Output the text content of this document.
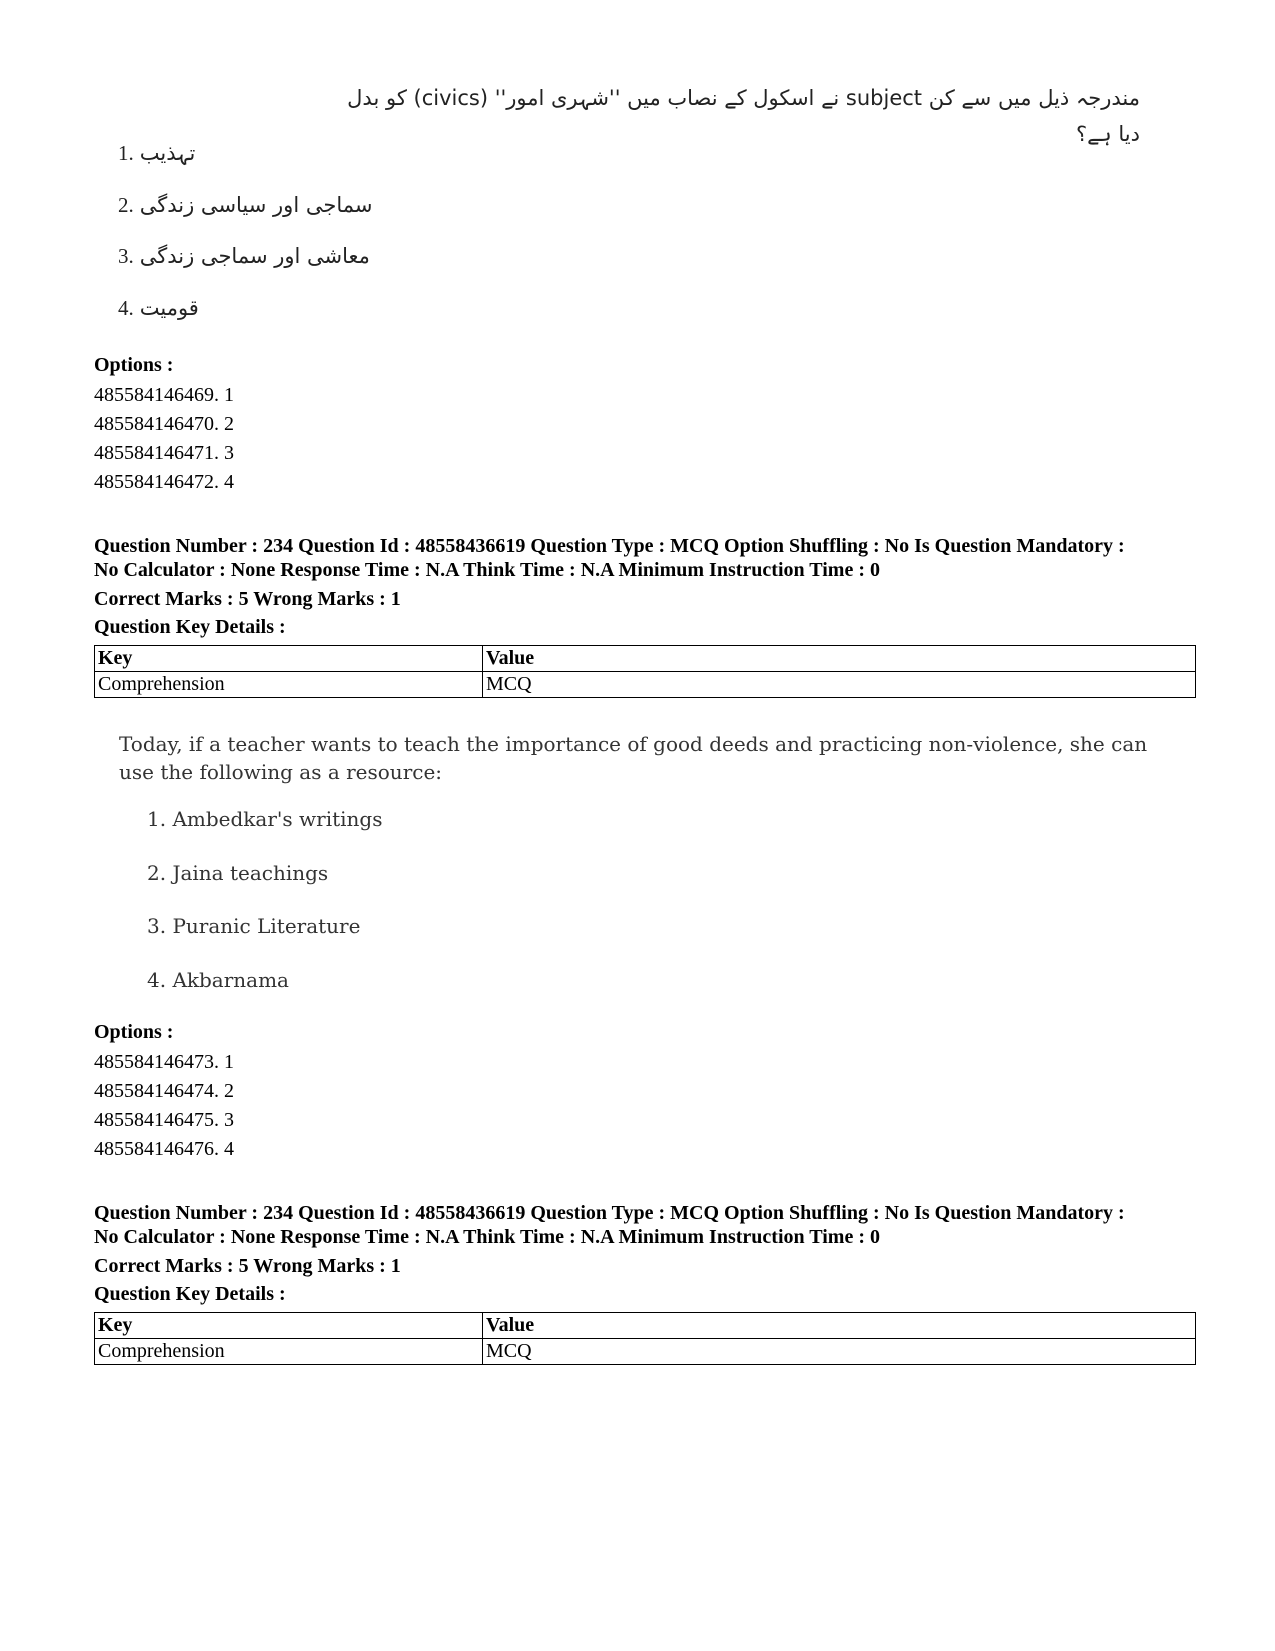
مندرجہ ذیل میں سے کن subject نے اسکول کے نصاب میں ''شہری امور'' (civics) کو بدل دیا ہے؟
1. تہذیب
2. سماجی اور سیاسی زندگی
3. معاشی اور سماجی زندگی
4. قومیت
Options :
485584146469. 1
485584146470. 2
485584146471. 3
485584146472. 4
Question Number : 234 Question Id : 48558436619 Question Type : MCQ Option Shuffling : No Is Question Mandatory :
No Calculator : None Response Time : N.A Think Time : N.A Minimum Instruction Time : 0
Correct Marks : 5 Wrong Marks : 1
Question Key Details :
Key	Value
Comprehension	MCQ
Today, if a teacher wants to teach the importance of good deeds and practicing non-violence, she can use the following as a resource:
1. Ambedkar's writings
2. Jaina teachings
3. Puranic Literature
4. Akbarnama
Options :
485584146473. 1
485584146474. 2
485584146475. 3
485584146476. 4
Question Number : 234 Question Id : 48558436619 Question Type : MCQ Option Shuffling : No Is Question Mandatory :
No Calculator : None Response Time : N.A Think Time : N.A Minimum Instruction Time : 0
Correct Marks : 5 Wrong Marks : 1
Question Key Details :
Key	Value
Comprehension	MCQ
